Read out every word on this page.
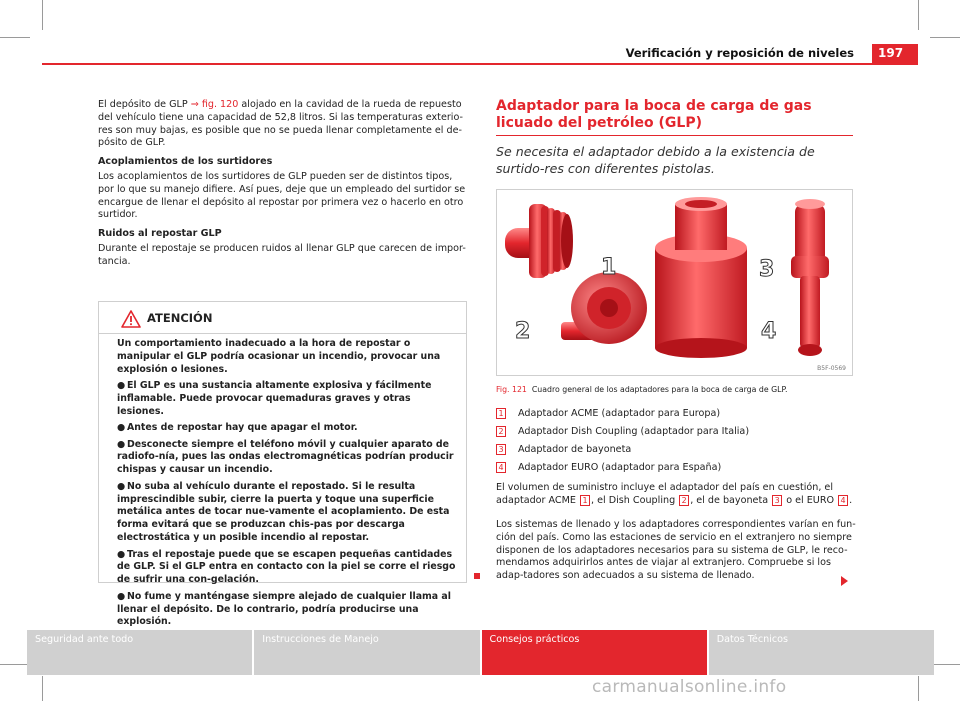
Verificación y reposición de niveles 197

El depósito de GLP ⇒ fig. 120 alojado en la cavidad de la rueda de repuesto del vehículo tiene una capacidad de 52,8 litros. Si las temperaturas exterio-res son muy bajas, es posible que no se pueda llenar completamente el de-pósito de GLP.

Acoplamientos de los surtidores

Los acoplamientos de los surtidores de GLP pueden ser de distintos tipos, por lo que su manejo difiere. Así pues, deje que un empleado del surtidor se encargue de llenar el depósito al repostar por primera vez o hacerlo en otro surtidor.

Ruidos al repostar GLP

Durante el repostaje se producen ruidos al llenar GLP que carecen de impor-tancia.

ATENCIÓN

Un comportamiento inadecuado a la hora de repostar o manipular el GLP podría ocasionar un incendio, provocar una explosión o lesiones.

● El GLP es una sustancia altamente explosiva y fácilmente inflamable. Puede provocar quemaduras graves y otras lesiones.

● Antes de repostar hay que apagar el motor.

● Desconecte siempre el teléfono móvil y cualquier aparato de radiofo-nía, pues las ondas electromagnéticas podrían producir chispas y causar un incendio.

● No suba al vehículo durante el repostado. Si le resulta imprescindible subir, cierre la puerta y toque una superficie metálica antes de tocar nue-vamente el acoplamiento. De esta forma evitará que se produzcan chis-pas por descarga electrostática y un posible incendio al repostar.

● Tras el repostaje puede que se escapen pequeñas cantidades de GLP. Si el GLP entra en contacto con la piel se corre el riesgo de sufrir una con-gelación.

● No fume y manténgase siempre alejado de cualquier llama al llenar el depósito. De lo contrario, podría producirse una explosión.

Adaptador para la boca de carga de gas licuado del petróleo (GLP)
Se necesita el adaptador debido a la existencia de surtido-res con diferentes pistolas.
1
2
3
4
B5F-0569
Fig. 121 Cuadro general de los adaptadores para la boca de carga de GLP.
1 Adaptador ACME (adaptador para Europa)
2 Adaptador Dish Coupling (adaptador para Italia)
3 Adaptador de bayoneta
4 Adaptador EURO (adaptador para España)
El volumen de suministro incluye el adaptador del país en cuestión, el adaptador ACME 1 , el Dish Coupling 2 , el de bayoneta 3 o el EURO 4 .
Los sistemas de llenado y los adaptadores correspondientes varían en fun-ción del país. Como las estaciones de servicio en el extranjero no siempre disponen de los adaptadores necesarios para su sistema de GLP, le reco-mendamos adquirirlos antes de viajar al extranjero. Compruebe si los adap-tadores son adecuados a su sistema de llenado.
Seguridad ante todo	Instrucciones de Manejo	Consejos prácticos	Datos Técnicos
carmanualsonline.info
